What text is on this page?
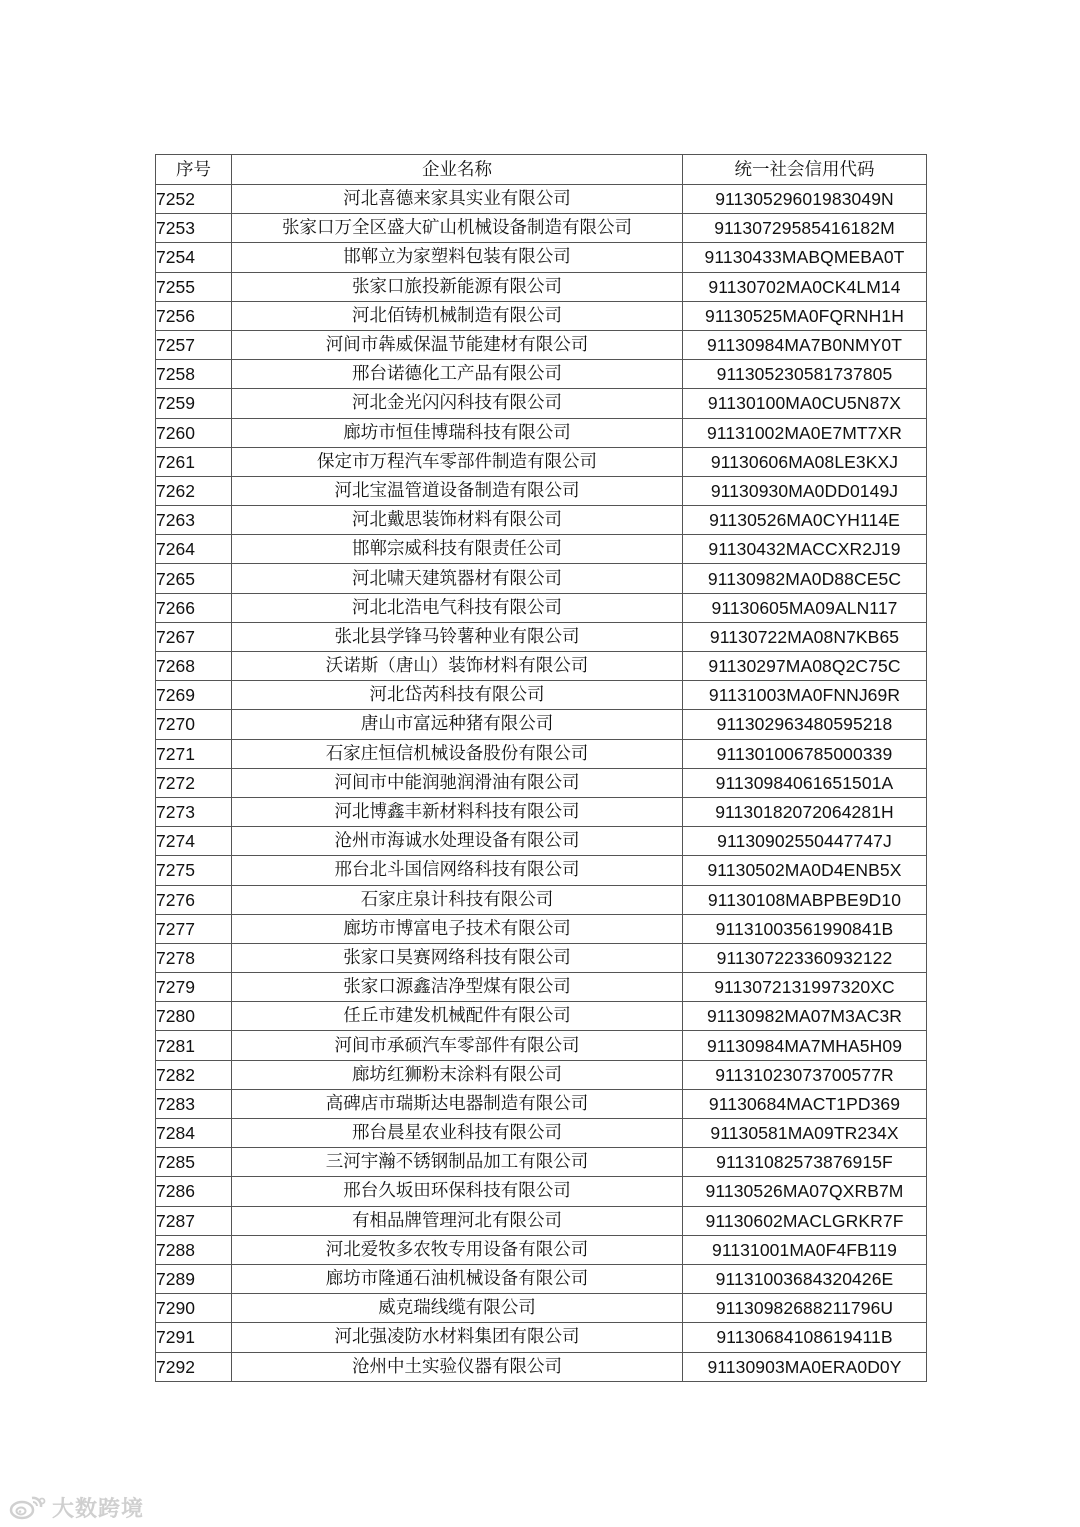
序号	企业名称	统一社会信用代码
7252	河北喜德来家具实业有限公司	91130529601983049N
7253	张家口万全区盛大矿山机械设备制造有限公司	91130729585416182M
7254	邯郸立为家塑料包装有限公司	91130433MABQMEBA0T
7255	张家口旅投新能源有限公司	91130702MA0CK4LM14
7256	河北佰铸机械制造有限公司	91130525MA0FQRNH1H
7257	河间市犇威保温节能建材有限公司	91130984MA7B0NMY0T
7258	邢台诺德化工产品有限公司	911305230581737805
7259	河北金光闪闪科技有限公司	91130100MA0CU5N87X
7260	廊坊市恒佳博瑞科技有限公司	91131002MA0E7MT7XR
7261	保定市万程汽车零部件制造有限公司	91130606MA08LE3KXJ
7262	河北宝温管道设备制造有限公司	91130930MA0DD0149J
7263	河北戴思装饰材料有限公司	91130526MA0CYH114E
7264	邯郸宗威科技有限责任公司	91130432MACCXR2J19
7265	河北啸天建筑器材有限公司	91130982MA0D88CE5C
7266	河北北浩电气科技有限公司	91130605MA09ALN117
7267	张北县学锋马铃薯种业有限公司	91130722MA08N7KB65
7268	沃诺斯（唐山）装饰材料有限公司	91130297MA08Q2C75C
7269	河北岱芮科技有限公司	91131003MA0FNNJ69R
7270	唐山市富远种猪有限公司	911302963480595218
7271	石家庄恒信机械设备股份有限公司	911301006785000339
7272	河间市中能润驰润滑油有限公司	91130984061651501A
7273	河北博鑫丰新材料科技有限公司	91130182072064281H
7274	沧州市海诚水处理设备有限公司	91130902550447747J
7275	邢台北斗国信网络科技有限公司	91130502MA0D4ENB5X
7276	石家庄泉计科技有限公司	91130108MABPBE9D10
7277	廊坊市博富电子技术有限公司	91131003561990841B
7278	张家口昊赛网络科技有限公司	911307223360932122
7279	张家口源鑫洁净型煤有限公司	9113072131997320XC
7280	任丘市建发机械配件有限公司	91130982MA07M3AC3R
7281	河间市承硕汽车零部件有限公司	91130984MA7MHA5H09
7282	廊坊红狮粉末涂料有限公司	91131023073700577R
7283	高碑店市瑞斯达电器制造有限公司	91130684MACT1PD369
7284	邢台晨星农业科技有限公司	91130581MA09TR234X
7285	三河宇瀚不锈钢制品加工有限公司	91131082573876915F
7286	邢台久坂田环保科技有限公司	91130526MA07QXRB7M
7287	有相品牌管理河北有限公司	91130602MACLGRKR7F
7288	河北爱牧多农牧专用设备有限公司	91131001MA0F4FB119
7289	廊坊市隆通石油机械设备有限公司	91131003684320426E
7290	威克瑞线缆有限公司	91130982688211796U
7291	河北强凌防水材料集团有限公司	91130684108619411B
7292	沧州中土实验仪器有限公司	91130903MA0ERA0D0Y
大数跨境
